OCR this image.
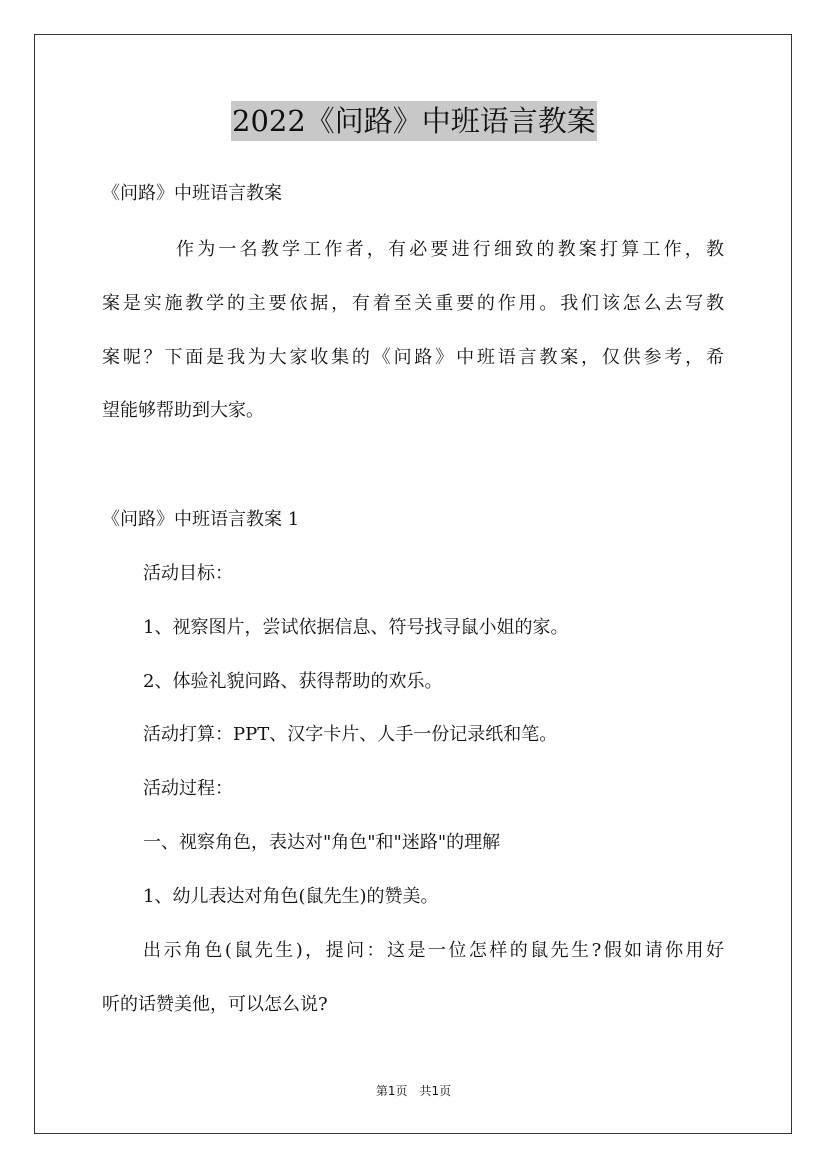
2022《问路》中班语言教案
《问路》中班语言教案
作为一名教学工作者，有必要进行细致的教案打算工作，教
案是实施教学的主要依据，有着至关重要的作用。我们该怎么去写教
案呢？下面是我为大家收集的《问路》中班语言教案，仅供参考，希
望能够帮助到大家。
《问路》中班语言教案 1
活动目标：
1、视察图片，尝试依据信息、符号找寻鼠小姐的家。
2、体验礼貌问路、获得帮助的欢乐。
活动打算：PPT、汉字卡片、人手一份记录纸和笔。
活动过程：
一、视察角色，表达对"角色"和"迷路"的理解
1、幼儿表达对角色(鼠先生)的赞美。
出示角色(鼠先生)，提问：这是一位怎样的鼠先生?假如请你用好
听的话赞美他，可以怎么说?
第1页 共1页
